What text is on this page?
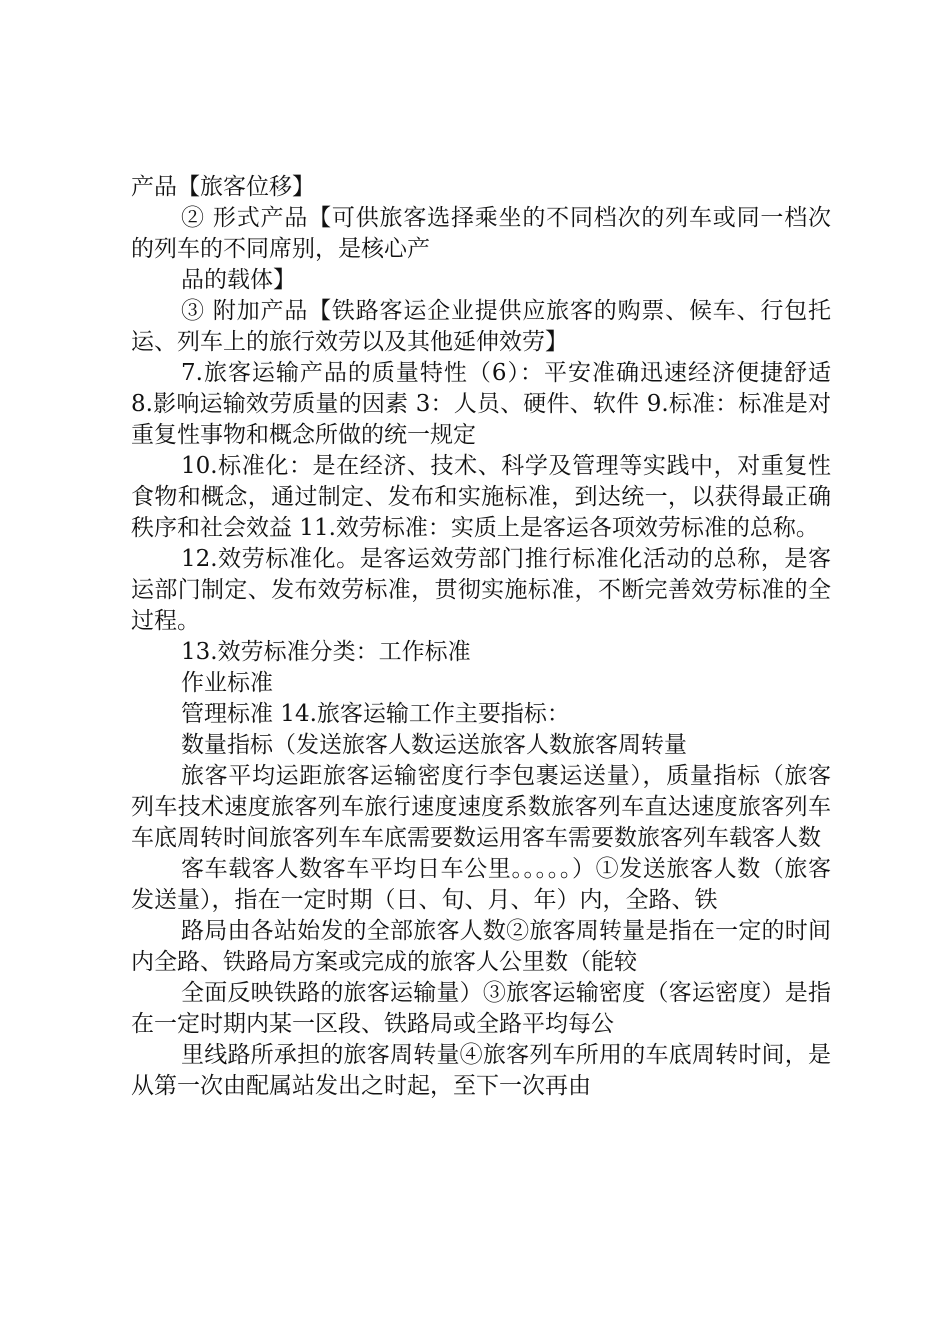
产品【旅客位移】

② 形式产品【可供旅客选择乘坐的不同档次的列车或同一档次的列车的不同席别，是核心产

品的载体】

③ 附加产品【铁路客运企业提供应旅客的购票、候车、行包托运、列车上的旅行效劳以及其他延伸效劳】

7.旅客运输产品的质量特性（6）：平安准确迅速经济便捷舒适 8.影响运输效劳质量的因素 3：人员、硬件、软件 9.标准：标准是对重复性事物和概念所做的统一规定

10.标准化：是在经济、技术、科学及管理等实践中，对重复性食物和概念，通过制定、发布和实施标准，到达统一，以获得最正确秩序和社会效益 11.效劳标准：实质上是客运各项效劳标准的总称。

12.效劳标准化。是客运效劳部门推行标准化活动的总称，是客运部门制定、发布效劳标准，贯彻实施标准，不断完善效劳标准的全过程。

13.效劳标准分类：工作标准

作业标准

管理标准 14.旅客运输工作主要指标：

数量指标（发送旅客人数运送旅客人数旅客周转量

旅客平均运距旅客运输密度行李包裹运送量），质量指标（旅客列车技术速度旅客列车旅行速度速度系数旅客列车直达速度旅客列车车底周转时间旅客列车车底需要数运用客车需要数旅客列车载客人数

客车载客人数客车平均日车公里。。。。。）①发送旅客人数（旅客发送量），指在一定时期（日、旬、月、年）内，全路、铁

路局由各站始发的全部旅客人数②旅客周转量是指在一定的时间内全路、铁路局方案或完成的旅客人公里数（能较

全面反映铁路的旅客运输量）③旅客运输密度（客运密度）是指在一定时期内某一区段、铁路局或全路平均每公

里线路所承担的旅客周转量④旅客列车所用的车底周转时间，是从第一次由配属站发出之时起，至下一次再由
